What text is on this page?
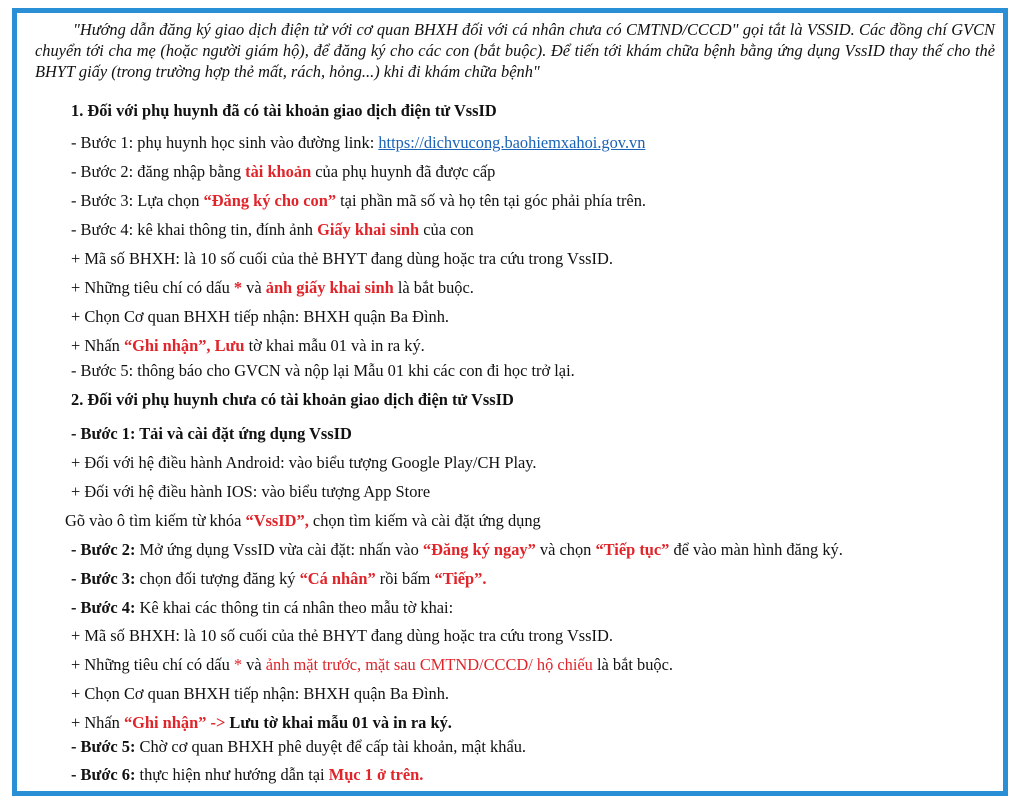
"Hướng dẫn đăng ký giao dịch điện tử với cơ quan BHXH đối với cá nhân chưa có CMTND/CCCD" gọi tắt là VSSID. Các đồng chí GVCN chuyển tới cha mẹ (hoặc người giám hộ), để đăng ký cho các con (bắt buộc). Để tiến tới khám chữa bệnh bằng ứng dụng VssID thay thế cho thẻ BHYT giấy (trong trường hợp thẻ mất, rách, hỏng...) khi đi khám chữa bệnh"
1. Đối với phụ huynh đã có tài khoản giao dịch điện tử VssID
- Bước 1: phụ huynh học sinh vào đường link: https://dichvucong.baohiemxahoi.gov.vn
- Bước 2: đăng nhập bằng tài khoản của phụ huynh đã được cấp
- Bước 3: Lựa chọn “Đăng ký cho con” tại phần mã số và họ tên tại góc phải phía trên.
- Bước 4: kê khai thông tin, đính ảnh Giấy khai sinh của con
+ Mã số BHXH: là 10 số cuối của thẻ BHYT đang dùng hoặc tra cứu trong VssID.
+ Những tiêu chí có dấu * và ảnh giấy khai sinh là bắt buộc.
+ Chọn Cơ quan BHXH tiếp nhận: BHXH quận Ba Đình.
+ Nhấn “Ghi nhận”, Lưu tờ khai mẫu 01 và in ra ký.
- Bước 5: thông báo cho GVCN và nộp lại Mẫu 01 khi các con đi học trở lại.
2. Đối với phụ huynh chưa có tài khoản giao dịch điện tử VssID
- Bước 1: Tải và cài đặt ứng dụng VssID
+ Đối với hệ điều hành Android: vào biểu tượng Google Play/CH Play.
+ Đối với hệ điều hành IOS: vào biểu tượng App Store
Gõ vào ô tìm kiếm từ khóa “VssID”, chọn tìm kiếm và cài đặt ứng dụng
- Bước 2: Mở ứng dụng VssID vừa cài đặt: nhấn vào “Đăng ký ngay” và chọn “Tiếp tục” để vào màn hình đăng ký.
- Bước 3: chọn đối tượng đăng ký “Cá nhân” rồi bấm “Tiếp”.
- Bước 4: Kê khai các thông tin cá nhân theo mẫu tờ khai:
+ Mã số BHXH: là 10 số cuối của thẻ BHYT đang dùng hoặc tra cứu trong VssID.
+ Những tiêu chí có dấu * và ảnh mặt trước, mặt sau CMTND/CCCD/ hộ chiếu là bắt buộc.
+ Chọn Cơ quan BHXH tiếp nhận: BHXH quận Ba Đình.
+ Nhấn “Ghi nhận” -> Lưu tờ khai mẫu 01 và in ra ký.
- Bước 5: Chờ cơ quan BHXH phê duyệt để cấp tài khoản, mật khẩu.
- Bước 6: thực hiện như hướng dẫn tại Mục 1 ở trên.
